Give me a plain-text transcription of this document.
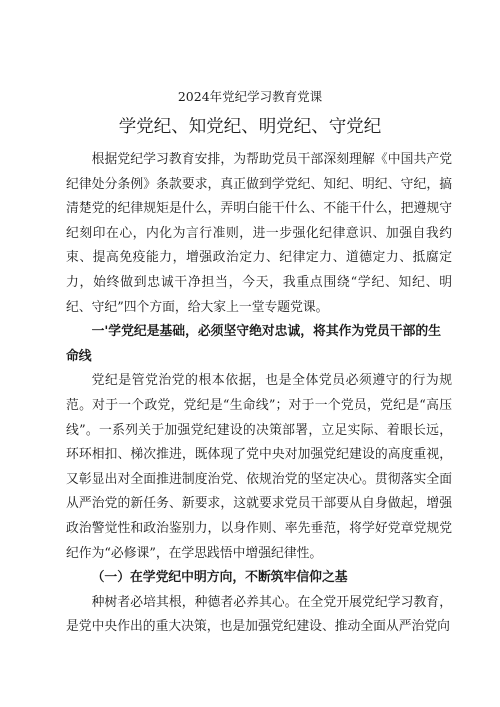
2024年党纪学习教育党课
学党纪、知党纪、明党纪、守党纪

根据党纪学习教育安排，为帮助党员干部深刻理解《中国共产党纪律处分条例》条款要求，真正做到学党纪、知纪、明纪、守纪，搞清楚党的纪律规矩是什么，弄明白能干什么、不能干什么，把遵规守纪刻印在心，内化为言行准则，进一步强化纪律意识、加强自我约束、提高免疫能力，增强政治定力、纪律定力、道德定力、抵腐定力，始终做到忠诚干净担当，今天，我重点围绕“学纪、知纪、明纪、守纪”四个方面，给大家上一堂专题党课。

一'学党纪是基础，必须坚守绝对忠诚，将其作为党员干部的生命线

党纪是管党治党的根本依据，也是全体党员必须遵守的行为规范。对于一个政党，党纪是“生命线”；对于一个党员，党纪是“高压线”。一系列关于加强党纪建设的决策部署，立足实际、着眼长远，环环相扣、梯次推进，既体现了党中央对加强党纪建设的高度重视，又彰显出对全面推进制度治党、依规治党的坚定决心。贯彻落实全面从严治党的新任务、新要求，这就要求党员干部要从自身做起，增强政治警觉性和政治鉴别力，以身作则、率先垂范，将学好党章党规党纪作为“必修课”，在学思践悟中增强纪律性。

（一）在学党纪中明方向，不断筑牢信仰之基

种树者必培其根，种德者必养其心。在全党开展党纪学习教育，是党中央作出的重大决策，也是加强党纪建设、推动全面从严治党向
